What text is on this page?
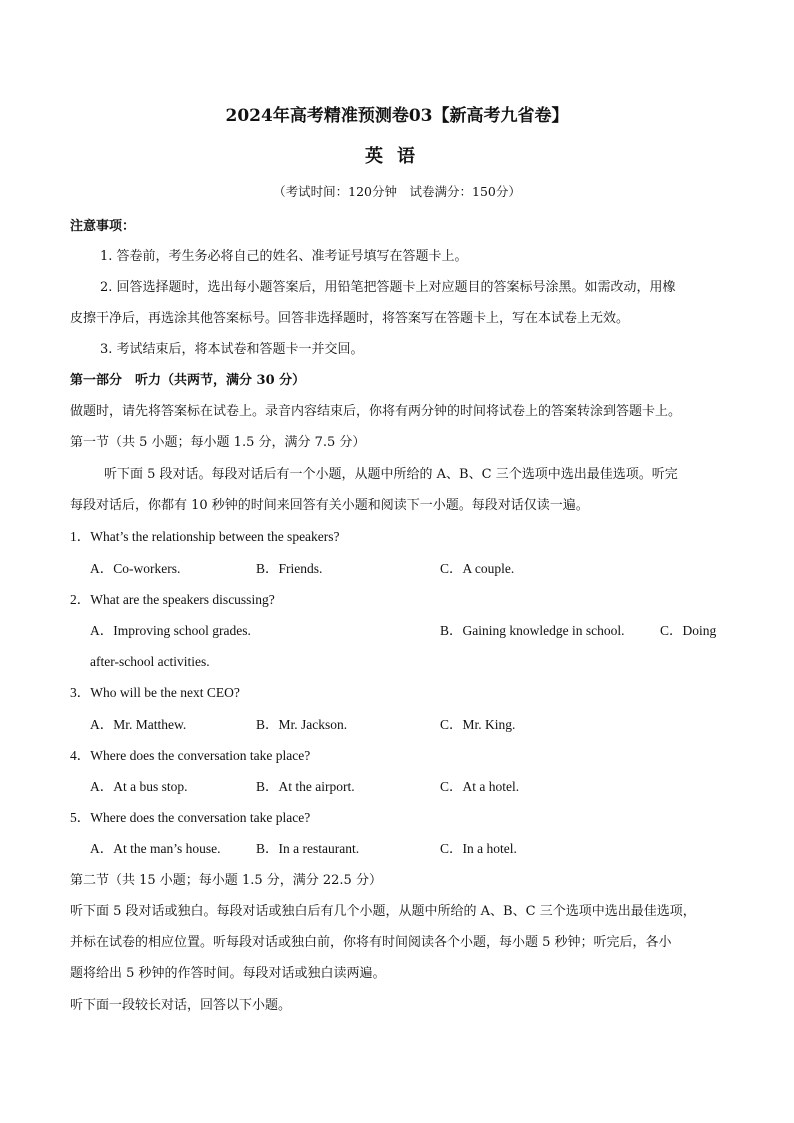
2024年高考精准预测卷03【新高考九省卷】
英语
（考试时间：120分钟　试卷满分：150分）
注意事项：
1. 答卷前，考生务必将自己的姓名、准考证号填写在答题卡上。
2. 回答选择题时，选出每小题答案后，用铅笔把答题卡上对应题目的答案标号涂黑。如需改动，用橡
皮擦干净后，再选涂其他答案标号。回答非选择题时，将答案写在答题卡上，写在本试卷上无效。
3. 考试结束后，将本试卷和答题卡一并交回。
第一部分　听力（共两节，满分 30 分）
做题时，请先将答案标在试卷上。录音内容结束后，你将有两分钟的时间将试卷上的答案转涂到答题卡上。
第一节（共 5 小题；每小题 1.5 分，满分 7.5 分）
听下面 5 段对话。每段对话后有一个小题，从题中所给的 A、B、C 三个选项中选出最佳选项。听完
每段对话后，你都有 10 秒钟的时间来回答有关小题和阅读下一小题。每段对话仅读一遍。
1．What’s the relationship between the speakers?
A．Co-workers.	B．Friends.	C．A couple.
2．What are the speakers discussing?
A．Improving school grades.	B．Gaining knowledge in school.	C．Doing
after-school activities.
3．Who will be the next CEO?
A．Mr. Matthew.	B．Mr. Jackson.	C．Mr. King.
4．Where does the conversation take place?
A．At a bus stop.	B．At the airport.	C．At a hotel.
5．Where does the conversation take place?
A．At the man’s house.	B．In a restaurant.	C．In a hotel.
第二节（共 15 小题；每小题 1.5 分，满分 22.5 分）
听下面 5 段对话或独白。每段对话或独白后有几个小题，从题中所给的 A、B、C 三个选项中选出最佳选项，
并标在试卷的相应位置。听每段对话或独白前，你将有时间阅读各个小题，每小题 5 秒钟；听完后，各小
题将给出 5 秒钟的作答时间。每段对话或独白读两遍。
听下面一段较长对话，回答以下小题。
